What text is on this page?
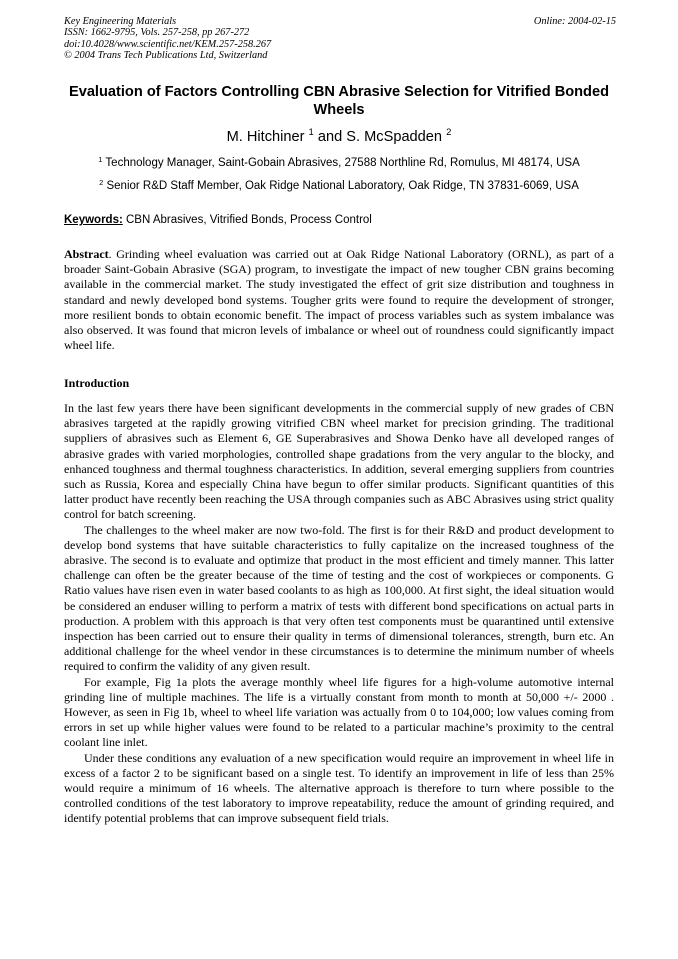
Key Engineering Materials
ISSN: 1662-9795, Vols. 257-258, pp 267-272
doi:10.4028/www.scientific.net/KEM.257-258.267
© 2004 Trans Tech Publications Ltd, Switzerland
Online: 2004-02-15
Evaluation of Factors Controlling CBN Abrasive Selection for Vitrified Bonded Wheels
M. Hitchiner $^1$ and S. McSpadden $^2$
$^1$ Technology Manager, Saint-Gobain Abrasives, 27588 Northline Rd, Romulus, MI 48174, USA
$^2$ Senior R&D Staff Member, Oak Ridge National Laboratory, Oak Ridge, TN 37831-6069, USA
Keywords: CBN Abrasives, Vitrified Bonds, Process Control
Abstract. Grinding wheel evaluation was carried out at Oak Ridge National Laboratory (ORNL), as part of a broader Saint-Gobain Abrasive (SGA) program, to investigate the impact of new tougher CBN grains becoming available in the commercial market. The study investigated the effect of grit size distribution and toughness in standard and newly developed bond systems. Tougher grits were found to require the development of stronger, more resilient bonds to obtain economic benefit. The impact of process variables such as system imbalance was also observed. It was found that micron levels of imbalance or wheel out of roundness could significantly impact wheel life.
Introduction

In the last few years there have been significant developments in the commercial supply of new grades of CBN abrasives targeted at the rapidly growing vitrified CBN wheel market for precision grinding. The traditional suppliers of abrasives such as Element 6, GE Superabrasives and Showa Denko have all developed ranges of abrasive grades with varied morphologies, controlled shape gradations from the very angular to the blocky, and enhanced toughness and thermal toughness characteristics. In addition, several emerging suppliers from countries such as Russia, Korea and especially China have begun to offer similar products. Significant quantities of this latter product have recently been reaching the USA through companies such as ABC Abrasives using strict quality control for batch screening.

The challenges to the wheel maker are now two-fold. The first is for their R&D and product development to develop bond systems that have suitable characteristics to fully capitalize on the increased toughness of the abrasive. The second is to evaluate and optimize that product in the most efficient and timely manner. This latter challenge can often be the greater because of the time of testing and the cost of workpieces or components. G Ratio values have risen even in water based coolants to as high as 100,000. At first sight, the ideal situation would be considered an enduser willing to perform a matrix of tests with different bond specifications on actual parts in production. A problem with this approach is that very often test components must be quarantined until extensive inspection has been carried out to ensure their quality in terms of dimensional tolerances, strength, burn etc. An additional challenge for the wheel vendor in these circumstances is to determine the minimum number of wheels required to confirm the validity of any given result.

For example, Fig 1a plots the average monthly wheel life figures for a high-volume automotive internal grinding line of multiple machines. The life is a virtually constant from month to month at 50,000 +/- 2000 . However, as seen in Fig 1b, wheel to wheel life variation was actually from 0 to 104,000; low values coming from errors in set up while higher values were found to be related to a particular machine’s proximity to the central coolant line inlet.

Under these conditions any evaluation of a new specification would require an improvement in wheel life in excess of a factor 2 to be significant based on a single test. To identify an improvement in life of less than 25% would require a minimum of 16 wheels. The alternative approach is therefore to turn where possible to the controlled conditions of the test laboratory to improve repeatability, reduce the amount of grinding required, and identify potential problems that can improve subsequent field trials.
